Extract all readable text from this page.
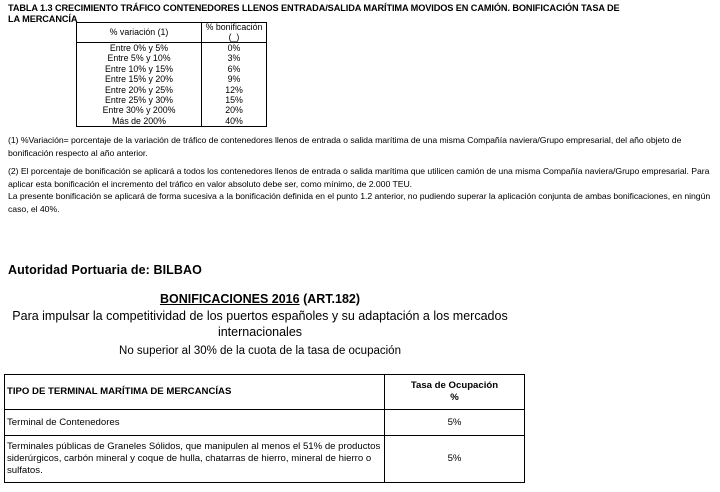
TABLA 1.3 CRECIMIENTO TRÁFICO CONTENEDORES LLENOS ENTRADA/SALIDA MARÍTIMA MOVIDOS EN CAMIÓN. BONIFICACIÓN TASA DE LA MERCANCÍA
% variación (1)	% bonificación
(_)
Entre 0% y 5%	0%
Entre 5% y 10%	3%
Entre 10% y 15%	6%
Entre 15% y 20%	9%
Entre 20% y 25%	12%
Entre 25% y 30%	15%
Entre 30% y 200%	20%
Más de 200%	40%
(1) %Variación= porcentaje de la variación de tráfico de contenedores llenos de entrada o salida marítima de una misma Compañía naviera/Grupo empresarial, del año objeto de bonificación respecto al año anterior.
(2) El porcentaje de bonificación se aplicará a todos los contenedores llenos de entrada o salida marítima que utilicen camión de una misma Compañía naviera/Grupo empresarial. Para aplicar esta bonificación el incremento del tráfico en valor absoluto debe ser, como mínimo, de 2.000 TEU.
La presente bonificación se aplicará de forma sucesiva a la bonificación definida en el punto 1.2 anterior, no pudiendo superar la aplicación conjunta de ambas bonificaciones, en ningún caso, el 40%.
Autoridad Portuaria de: BILBAO
BONIFICACIONES 2016 (ART.182)
Para impulsar la competitividad de los puertos españoles y su adaptación a los mercados
internacionales
No superior al 30% de la cuota de la tasa de ocupación
TIPO DE TERMINAL MARÍTIMA DE MERCANCÍAS	Tasa de Ocupación
%
Terminal de Contenedores	5%
Terminales públicas de Graneles Sólidos, que manipulen al menos el 51% de productos siderúrgicos, carbón mineral y coque de hulla, chatarras de hierro, mineral de hierro o sulfatos.	5%
